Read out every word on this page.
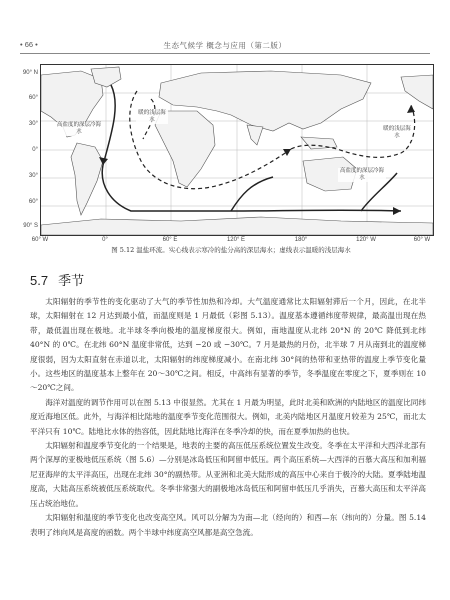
• 66 •	生态气候学 概念与应用（第二版）
90° N
60°
30°
0°
30°
60°
90° S
高盐度的深层冷海水
暖的浅层海水
暖的浅层海水
高盐度的深层冷海水
60° W	0°	60° E	120° E	180°	120° W	60° W
图 5.12 温盐环流。实心线表示寒冷的盐分高的深层海水；虚线表示温暖的浅层海水
5.7 季节

太阳辐射的季节性的变化驱动了大气的季节性加热和冷却。大气温度通常比太阳辐射滞后一个月，因此，在北半球，太阳辐射在 12 月达到最小值，而温度则是 1 月最低（彩图 5.13）。温度基本遵循纬度带规律，最高温出现在热带，最低温出现在极地。北半球冬季向极地的温度梯度很大。例如，南地温度从北纬 20°N 的 20℃ 降低到北纬 40°N 的 0℃。在北纬 60°N 温度非常低，达到 −20 或 −30℃。7 月是最热的月份，北半球 7 月从南到北的温度梯度很弱，因为太阳直射在赤道以北，太阳辐射的纬度梯度减小。在南北纬 30°间的热带和亚热带的温度上季节变化量小。这些地区的温度基本上整年在 20～30℃之间。相反，中高纬有显著的季节，冬季温度在零度之下，夏季则在 10～20℃之间。

海洋对温度的调节作用可以在图 5.13 中很显然。尤其在 1 月最为明显，此时北美和欧洲的内陆地区的温度比同纬度近海地区低。此外，与海洋相比陆地的温度季节变化范围很大。例如，北美内陆地区月温度月较差为 25℃，而北太平洋只有 10℃。陆地比水体的热容低，因此陆地比海洋在冬季冷却的快，而在夏季加热的也快。

太阳辐射和温度季节变化的一个结果是，地表的主要的高压低压系统位置发生改变。冬季在太平洋和大西洋北部有两个深厚的亚极地低压系统（图 5.6）—分别是冰岛低压和阿留申低压。两个高压系统—大西洋的百慕大高压和加利福尼亚海岸的太平洋高压，出现在北纬 30°的副热带。从亚洲和北美大陆形成的高压中心来自于极冷的大陆。夏季陆地温度高，大陆高压系统被低压系统取代。冬季非常强大的副极地冰岛低压和阿留申低压几乎消失，百慕大高压和太平洋高压占统治地位。

太阳辐射和温度的季节变化也改变高空风。风可以分解为为南—北（经向的）和西—东（纬向的）分量。图 5.14 表明了纬向风是高度的函数。两个半球中纬度高空风都是高空急流。
